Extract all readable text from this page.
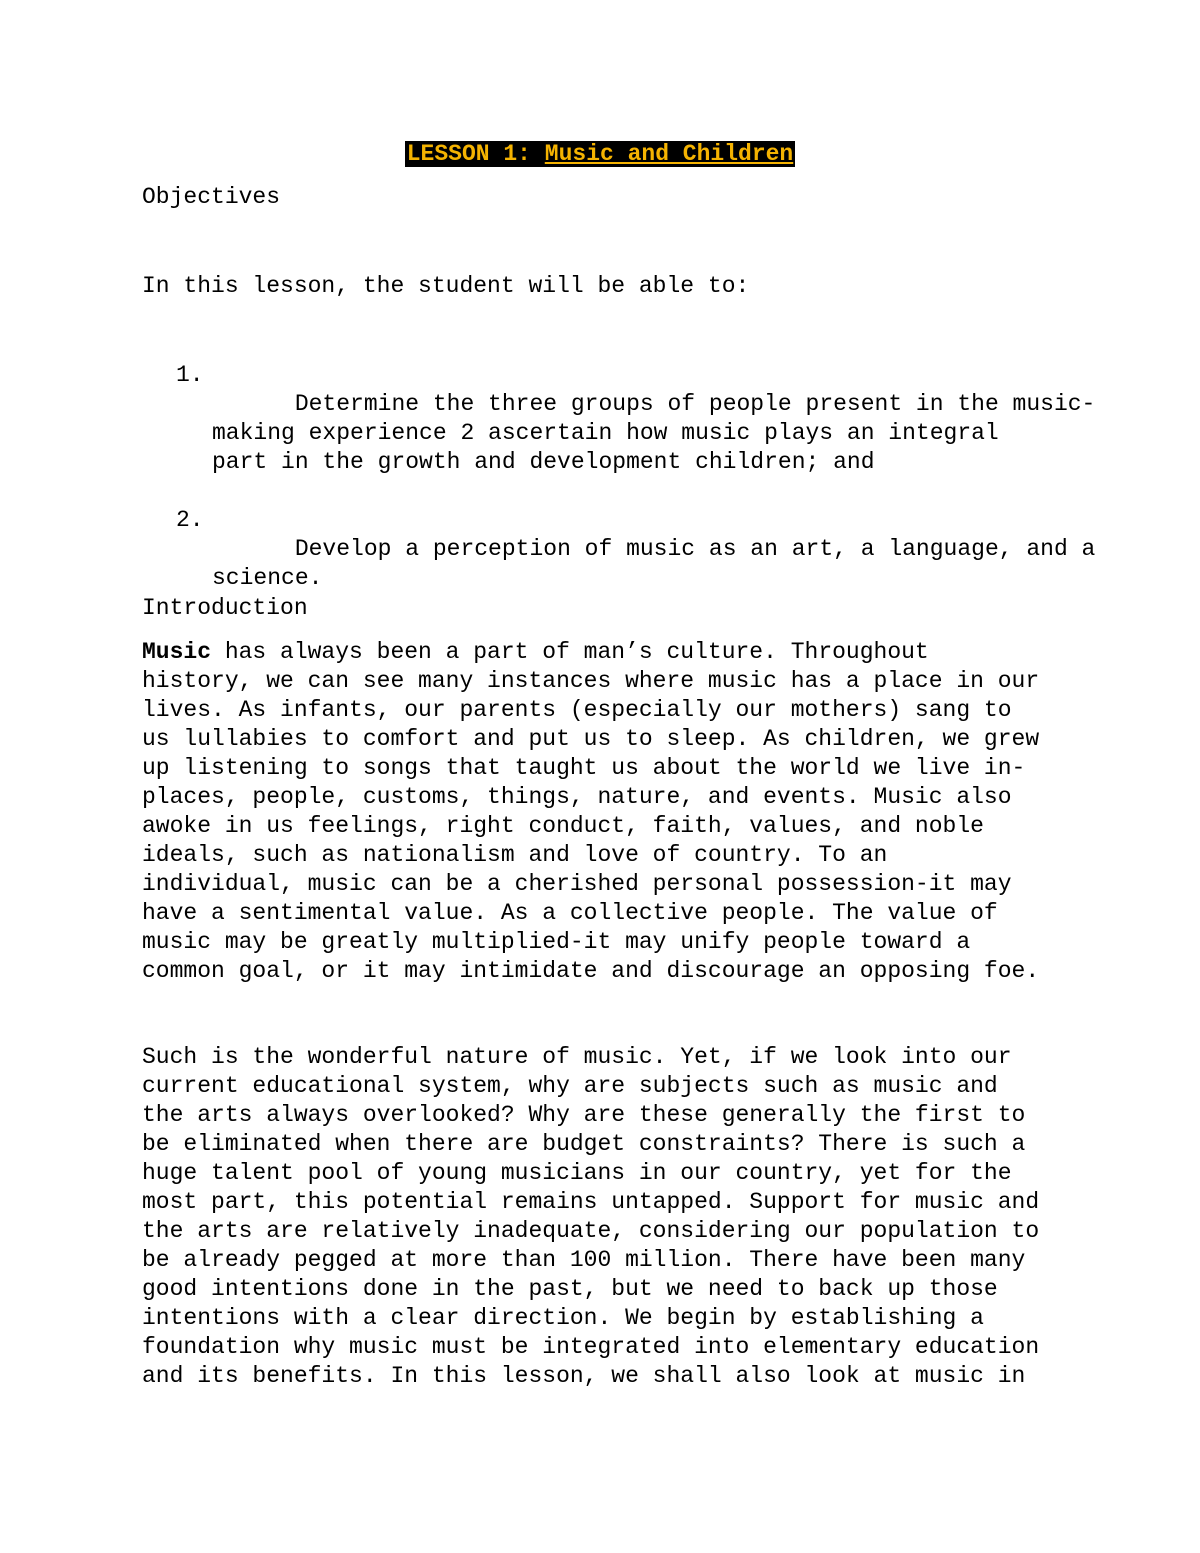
LESSON 1: Music and Children

Objectives

In this lesson, the student will be able to:

1.
Determine the three groups of people present in the music-
making experience 2 ascertain how music plays an integral
part in the growth and development children; and

2.
Develop a perception of music as an art, a language, and a
science.

Introduction

Music has always been a part of man’s culture. Throughout
history, we can see many instances where music has a place in our
lives. As infants, our parents (especially our mothers) sang to
us lullabies to comfort and put us to sleep. As children, we grew
up listening to songs that taught us about the world we live in-
places, people, customs, things, nature, and events. Music also
awoke in us feelings, right conduct, faith, values, and noble
ideals, such as nationalism and love of country. To an
individual, music can be a cherished personal possession-it may
have a sentimental value. As a collective people. The value of
music may be greatly multiplied-it may unify people toward a
common goal, or it may intimidate and discourage an opposing foe.

Such is the wonderful nature of music. Yet, if we look into our
current educational system, why are subjects such as music and
the arts always overlooked? Why are these generally the first to
be eliminated when there are budget constraints? There is such a
huge talent pool of young musicians in our country, yet for the
most part, this potential remains untapped. Support for music and
the arts are relatively inadequate, considering our population to
be already pegged at more than 100 million. There have been many
good intentions done in the past, but we need to back up those
intentions with a clear direction. We begin by establishing a
foundation why music must be integrated into elementary education
and its benefits. In this lesson, we shall also look at music in
